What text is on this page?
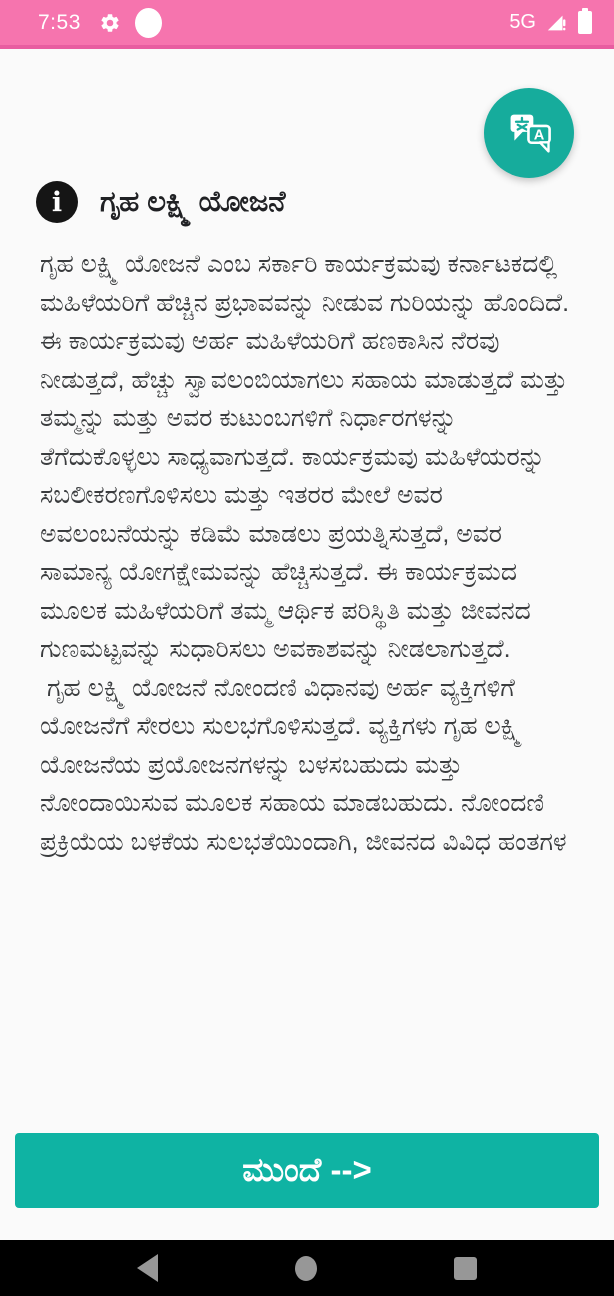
7:53	5G
A
i	ಗೃಹ ಲಕ್ಷ್ಮಿ ಯೋಜನೆ

ಗೃಹ ಲಕ್ಷ್ಮಿ ಯೋಜನೆ ಎಂಬ ಸರ್ಕಾರಿ ಕಾರ್ಯಕ್ರಮವು ಕರ್ನಾಟಕದಲ್ಲಿ ಮಹಿಳೆಯರಿಗೆ ಹೆಚ್ಚಿನ ಪ್ರಭಾವವನ್ನು ನೀಡುವ ಗುರಿಯನ್ನು ಹೊಂದಿದೆ. ಈ ಕಾರ್ಯಕ್ರಮವು ಅರ್ಹ ಮಹಿಳೆಯರಿಗೆ ಹಣಕಾಸಿನ ನೆರವು ನೀಡುತ್ತದೆ, ಹೆಚ್ಚು ಸ್ವಾವಲಂಬಿಯಾಗಲು ಸಹಾಯ ಮಾಡುತ್ತದೆ ಮತ್ತು ತಮ್ಮನ್ನು ಮತ್ತು ಅವರ ಕುಟುಂಬಗಳಿಗೆ ನಿರ್ಧಾರಗಳನ್ನು ತೆಗೆದುಕೊಳ್ಳಲು ಸಾಧ್ಯವಾಗುತ್ತದೆ. ಕಾರ್ಯಕ್ರಮವು ಮಹಿಳೆಯರನ್ನು ಸಬಲೀಕರಣಗೊಳಿಸಲು ಮತ್ತು ಇತರರ ಮೇಲೆ ಅವರ ಅವಲಂಬನೆಯನ್ನು ಕಡಿಮೆ ಮಾಡಲು ಪ್ರಯತ್ನಿಸುತ್ತದೆ, ಅವರ ಸಾಮಾನ್ಯ ಯೋಗಕ್ಷೇಮವನ್ನು ಹೆಚ್ಚಿಸುತ್ತದೆ. ಈ ಕಾರ್ಯಕ್ರಮದ ಮೂಲಕ ಮಹಿಳೆಯರಿಗೆ ತಮ್ಮ ಆರ್ಥಿಕ ಪರಿಸ್ಥಿತಿ ಮತ್ತು ಜೀವನದ ಗುಣಮಟ್ಟವನ್ನು ಸುಧಾರಿಸಲು ಅವಕಾಶವನ್ನು ನೀಡಲಾಗುತ್ತದೆ.

ಗೃಹ ಲಕ್ಷ್ಮಿ ಯೋಜನೆ ನೋಂದಣಿ ವಿಧಾನವು ಅರ್ಹ ವ್ಯಕ್ತಿಗಳಿಗೆ ಯೋಜನೆಗೆ ಸೇರಲು ಸುಲಭಗೊಳಿಸುತ್ತದೆ. ವ್ಯಕ್ತಿಗಳು ಗೃಹ ಲಕ್ಷ್ಮಿ ಯೋಜನೆಯ ಪ್ರಯೋಜನಗಳನ್ನು ಬಳಸಬಹುದು ಮತ್ತು ನೋಂದಾಯಿಸುವ ಮೂಲಕ ಸಹಾಯ ಮಾಡಬಹುದು. ನೋಂದಣಿ ಪ್ರಕ್ರಿಯೆಯ ಬಳಕೆಯ ಸುಲಭತೆಯಿಂದಾಗಿ, ಜೀವನದ ವಿವಿಧ ಹಂತಗಳ

ಮುಂದೆ -->
